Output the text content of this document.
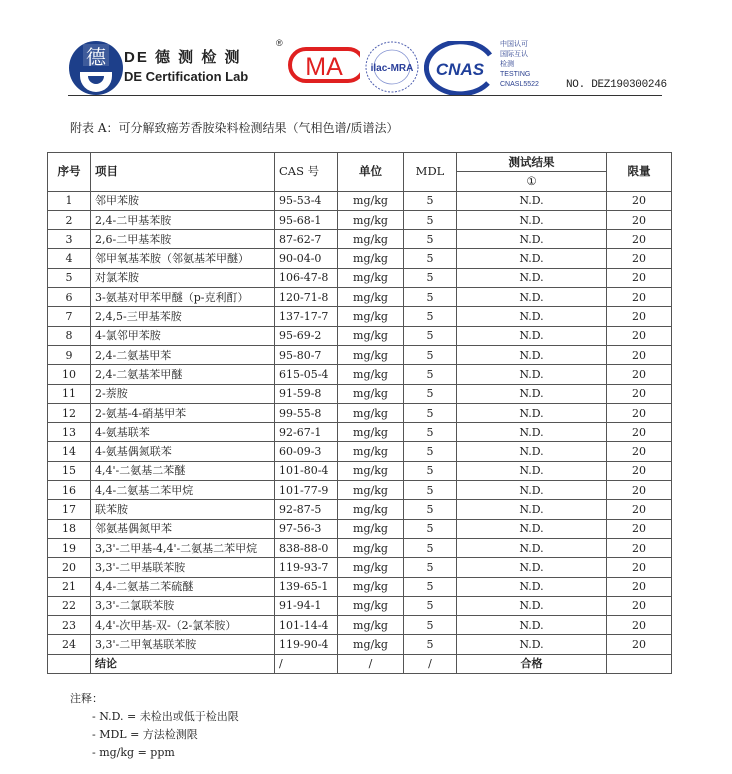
德 DE 德 测 检 测
®
DE Certification Lab MA	ilac-MRA CNAS
中国认可
国际互认
检测
TESTING
CNASL5522 NO. DEZ190300246
附表 A：可分解致癌芳香胺染料检测结果（气相色谱/质谱法）
序号	项目	CAS 号	单位	MDL	测试结果	限量
					①	
1	邻甲苯胺	95-53-4	mg/kg	5	N.D.	20
2	2,4-二甲基苯胺	95-68-1	mg/kg	5	N.D.	20
3	2,6-二甲基苯胺	87-62-7	mg/kg	5	N.D.	20
4	邻甲氧基苯胺（邻氨基苯甲醚）	90-04-0	mg/kg	5	N.D.	20
5	对氯苯胺	106-47-8	mg/kg	5	N.D.	20
6	3-氨基对甲苯甲醚（p-克利酊）	120-71-8	mg/kg	5	N.D.	20
7	2,4,5-三甲基苯胺	137-17-7	mg/kg	5	N.D.	20
8	4-氯邻甲苯胺	95-69-2	mg/kg	5	N.D.	20
9	2,4-二氨基甲苯	95-80-7	mg/kg	5	N.D.	20
10	2,4-二氨基苯甲醚	615-05-4	mg/kg	5	N.D.	20
11	2-萘胺	91-59-8	mg/kg	5	N.D.	20
12	2-氨基-4-硝基甲苯	99-55-8	mg/kg	5	N.D.	20
13	4-氨基联苯	92-67-1	mg/kg	5	N.D.	20
14	4-氨基偶氮联苯	60-09-3	mg/kg	5	N.D.	20
15	4,4'-二氨基二苯醚	101-80-4	mg/kg	5	N.D.	20
16	4,4-二氨基二苯甲烷	101-77-9	mg/kg	5	N.D.	20
17	联苯胺	92-87-5	mg/kg	5	N.D.	20
18	邻氨基偶氮甲苯	97-56-3	mg/kg	5	N.D.	20
19	3,3'-二甲基-4,4'-二氨基二苯甲烷	838-88-0	mg/kg	5	N.D.	20
20	3,3'-二甲基联苯胺	119-93-7	mg/kg	5	N.D.	20
21	4,4-二氨基二苯硫醚	139-65-1	mg/kg	5	N.D.	20
22	3,3'-二氯联苯胺	91-94-1	mg/kg	5	N.D.	20
23	4,4'-次甲基-双-（2-氯苯胺）	101-14-4	mg/kg	5	N.D.	20
24	3,3'-二甲氧基联苯胺	119-90-4	mg/kg	5	N.D.	20
	结论	/	/	/	合格	
注释：
- N.D. = 未检出或低于检出限
- MDL = 方法检测限
- mg/kg = ppm
